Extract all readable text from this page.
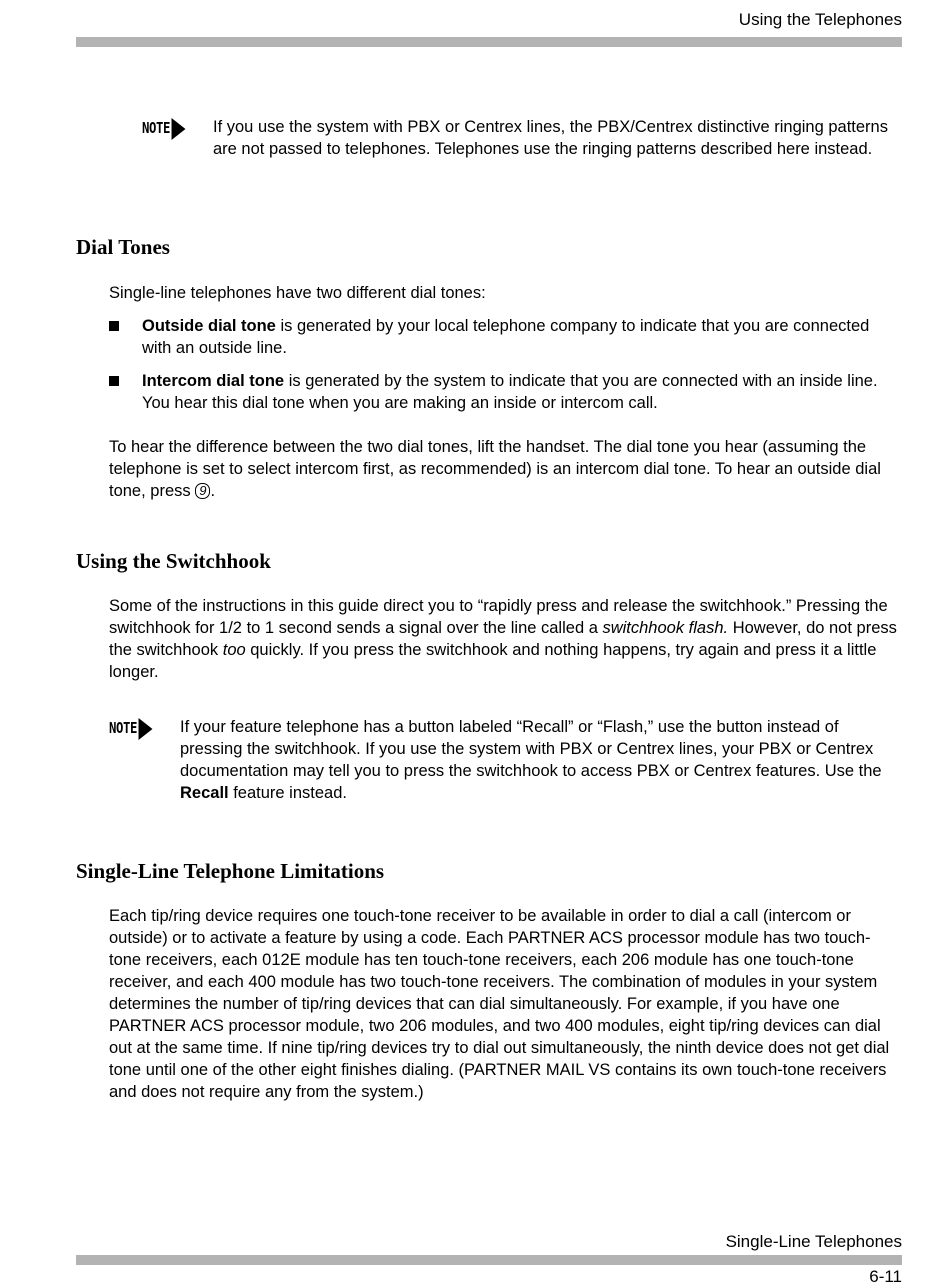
Using the Telephones
NOTE	If you use the system with PBX or Centrex lines, the PBX/Centrex distinctive ringing patterns are not passed to telephones. Telephones use the ringing patterns described here instead.

Dial Tones

Single-line telephones have two different dial tones:

Outside dial tone is generated by your local telephone company to indicate that you are connected with an outside line.
Intercom dial tone is generated by the system to indicate that you are connected with an inside line. You hear this dial tone when you are making an inside or intercom call.

To hear the difference between the two dial tones, lift the handset. The dial tone you hear (assuming the telephone is set to select intercom first, as recommended) is an intercom dial tone. To hear an outside dial tone, press 9 .

Using the Switchhook

Some of the instructions in this guide direct you to “rapidly press and release the switchhook.” Pressing the switchhook for 1/2 to 1 second sends a signal over the line called a switchhook flash. However, do not press the switchhook too quickly. If you press the switchhook and nothing happens, try again and press it a little longer.

NOTE	If your feature telephone has a button labeled “Recall” or “Flash,” use the button instead of pressing the switchhook. If you use the system with PBX or Centrex lines, your PBX or Centrex documentation may tell you to press the switchhook to access PBX or Centrex features. Use the Recall feature instead.

Single-Line Telephone Limitations

Each tip/ring device requires one touch-tone receiver to be available in order to dial a call (intercom or outside) or to activate a feature by using a code. Each PARTNER ACS processor module has two touch-tone receivers, each 012E module has ten touch-tone receivers, each 206 module has one touch-tone receiver, and each 400 module has two touch-tone receivers. The combination of modules in your system determines the number of tip/ring devices that can dial simultaneously. For example, if you have one PARTNER ACS processor module, two 206 modules, and two 400 modules, eight tip/ring devices can dial out at the same time. If nine tip/ring devices try to dial out simultaneously, the ninth device does not get dial tone until one of the other eight finishes dialing. (PARTNER MAIL VS contains its own touch-tone receivers and does not require any from the system.)

Single-Line Telephones
6-11
